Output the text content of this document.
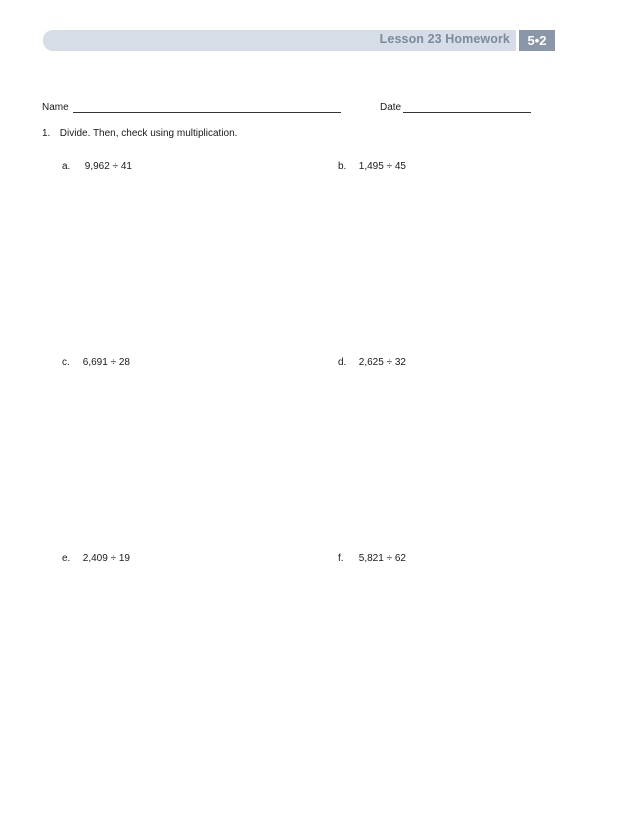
Lesson 23 Homework	5•2
Name	Date
1. Divide. Then, check using multiplication.
a. 9,962 ÷ 41	b. 1,495 ÷ 45
c. 6,691 ÷ 28	d. 2,625 ÷ 32
e. 2,409 ÷ 19	f. 5,821 ÷ 62
